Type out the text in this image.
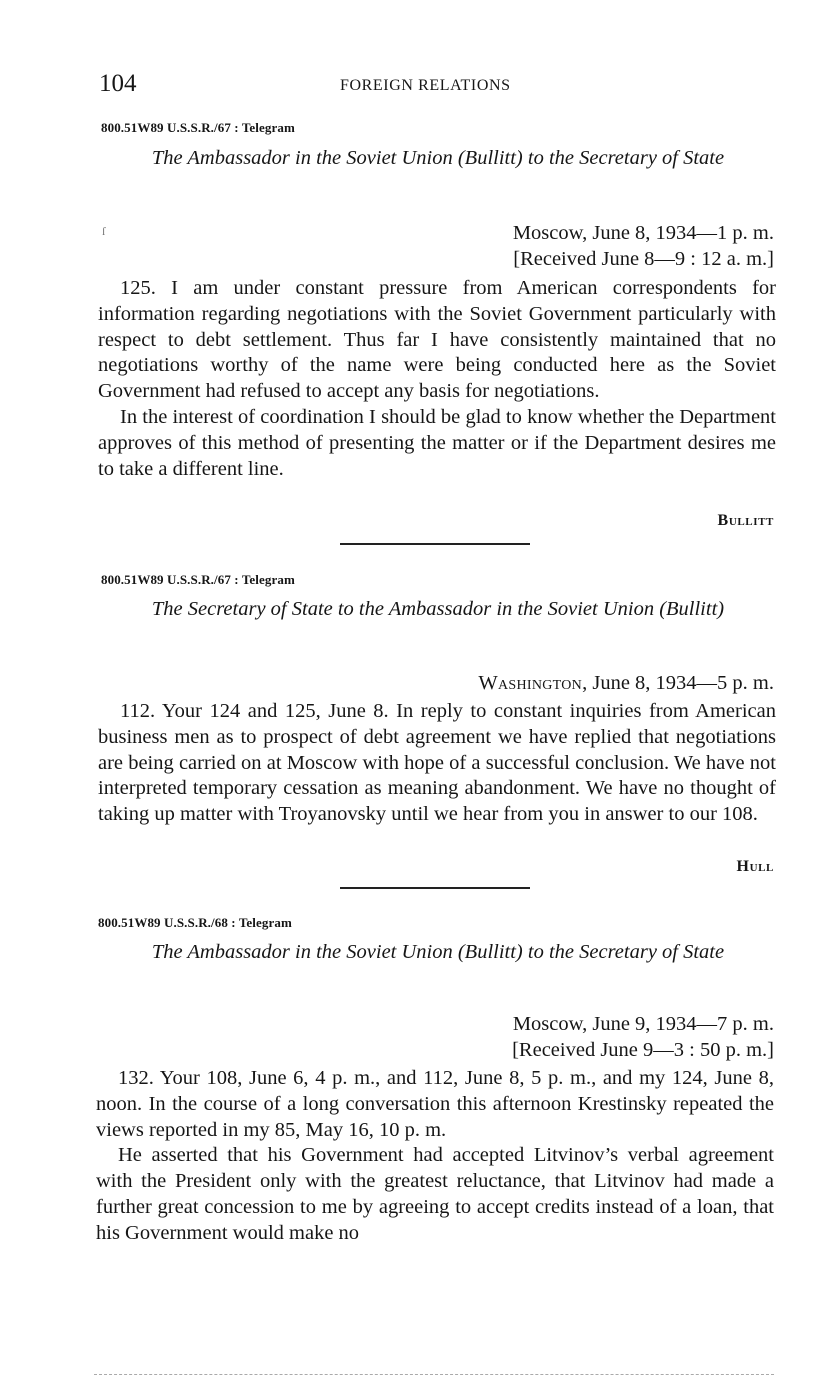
104	FOREIGN RELATIONS
800.51W89 U.S.S.R./67 : Telegram
The Ambassador in the Soviet Union (Bullitt) to the Secretary of State
ſ	Moscow, June 8, 1934—1 p. m.
[Received June 8—9 : 12 a. m.]

125. I am under constant pressure from American correspondents for information regarding negotiations with the Soviet Government particularly with respect to debt settlement. Thus far I have consistently maintained that no negotiations worthy of the name were being conducted here as the Soviet Government had refused to accept any basis for negotiations.

In the interest of coordination I should be glad to know whether the Department approves of this method of presenting the matter or if the Department desires me to take a different line.

Bullitt
800.51W89 U.S.S.R./67 : Telegram
The Secretary of State to the Ambassador in the Soviet Union (Bullitt)
Washington, June 8, 1934—5 p. m.

112. Your 124 and 125, June 8. In reply to constant inquiries from American business men as to prospect of debt agreement we have replied that negotiations are being carried on at Moscow with hope of a successful conclusion. We have not interpreted temporary cessation as meaning abandonment. We have no thought of taking up matter with Troyanovsky until we hear from you in answer to our 108.

Hull
800.51W89 U.S.S.R./68 : Telegram
The Ambassador in the Soviet Union (Bullitt) to the Secretary of State
Moscow, June 9, 1934—7 p. m.
[Received June 9—3 : 50 p. m.]

132. Your 108, June 6, 4 p. m., and 112, June 8, 5 p. m., and my 124, June 8, noon. In the course of a long conversation this afternoon Krestinsky repeated the views reported in my 85, May 16, 10 p. m.

He asserted that his Government had accepted Litvinov’s verbal agreement with the President only with the greatest reluctance, that Litvinov had made a further great concession to me by agreeing to accept credits instead of a loan, that his Government would make no
